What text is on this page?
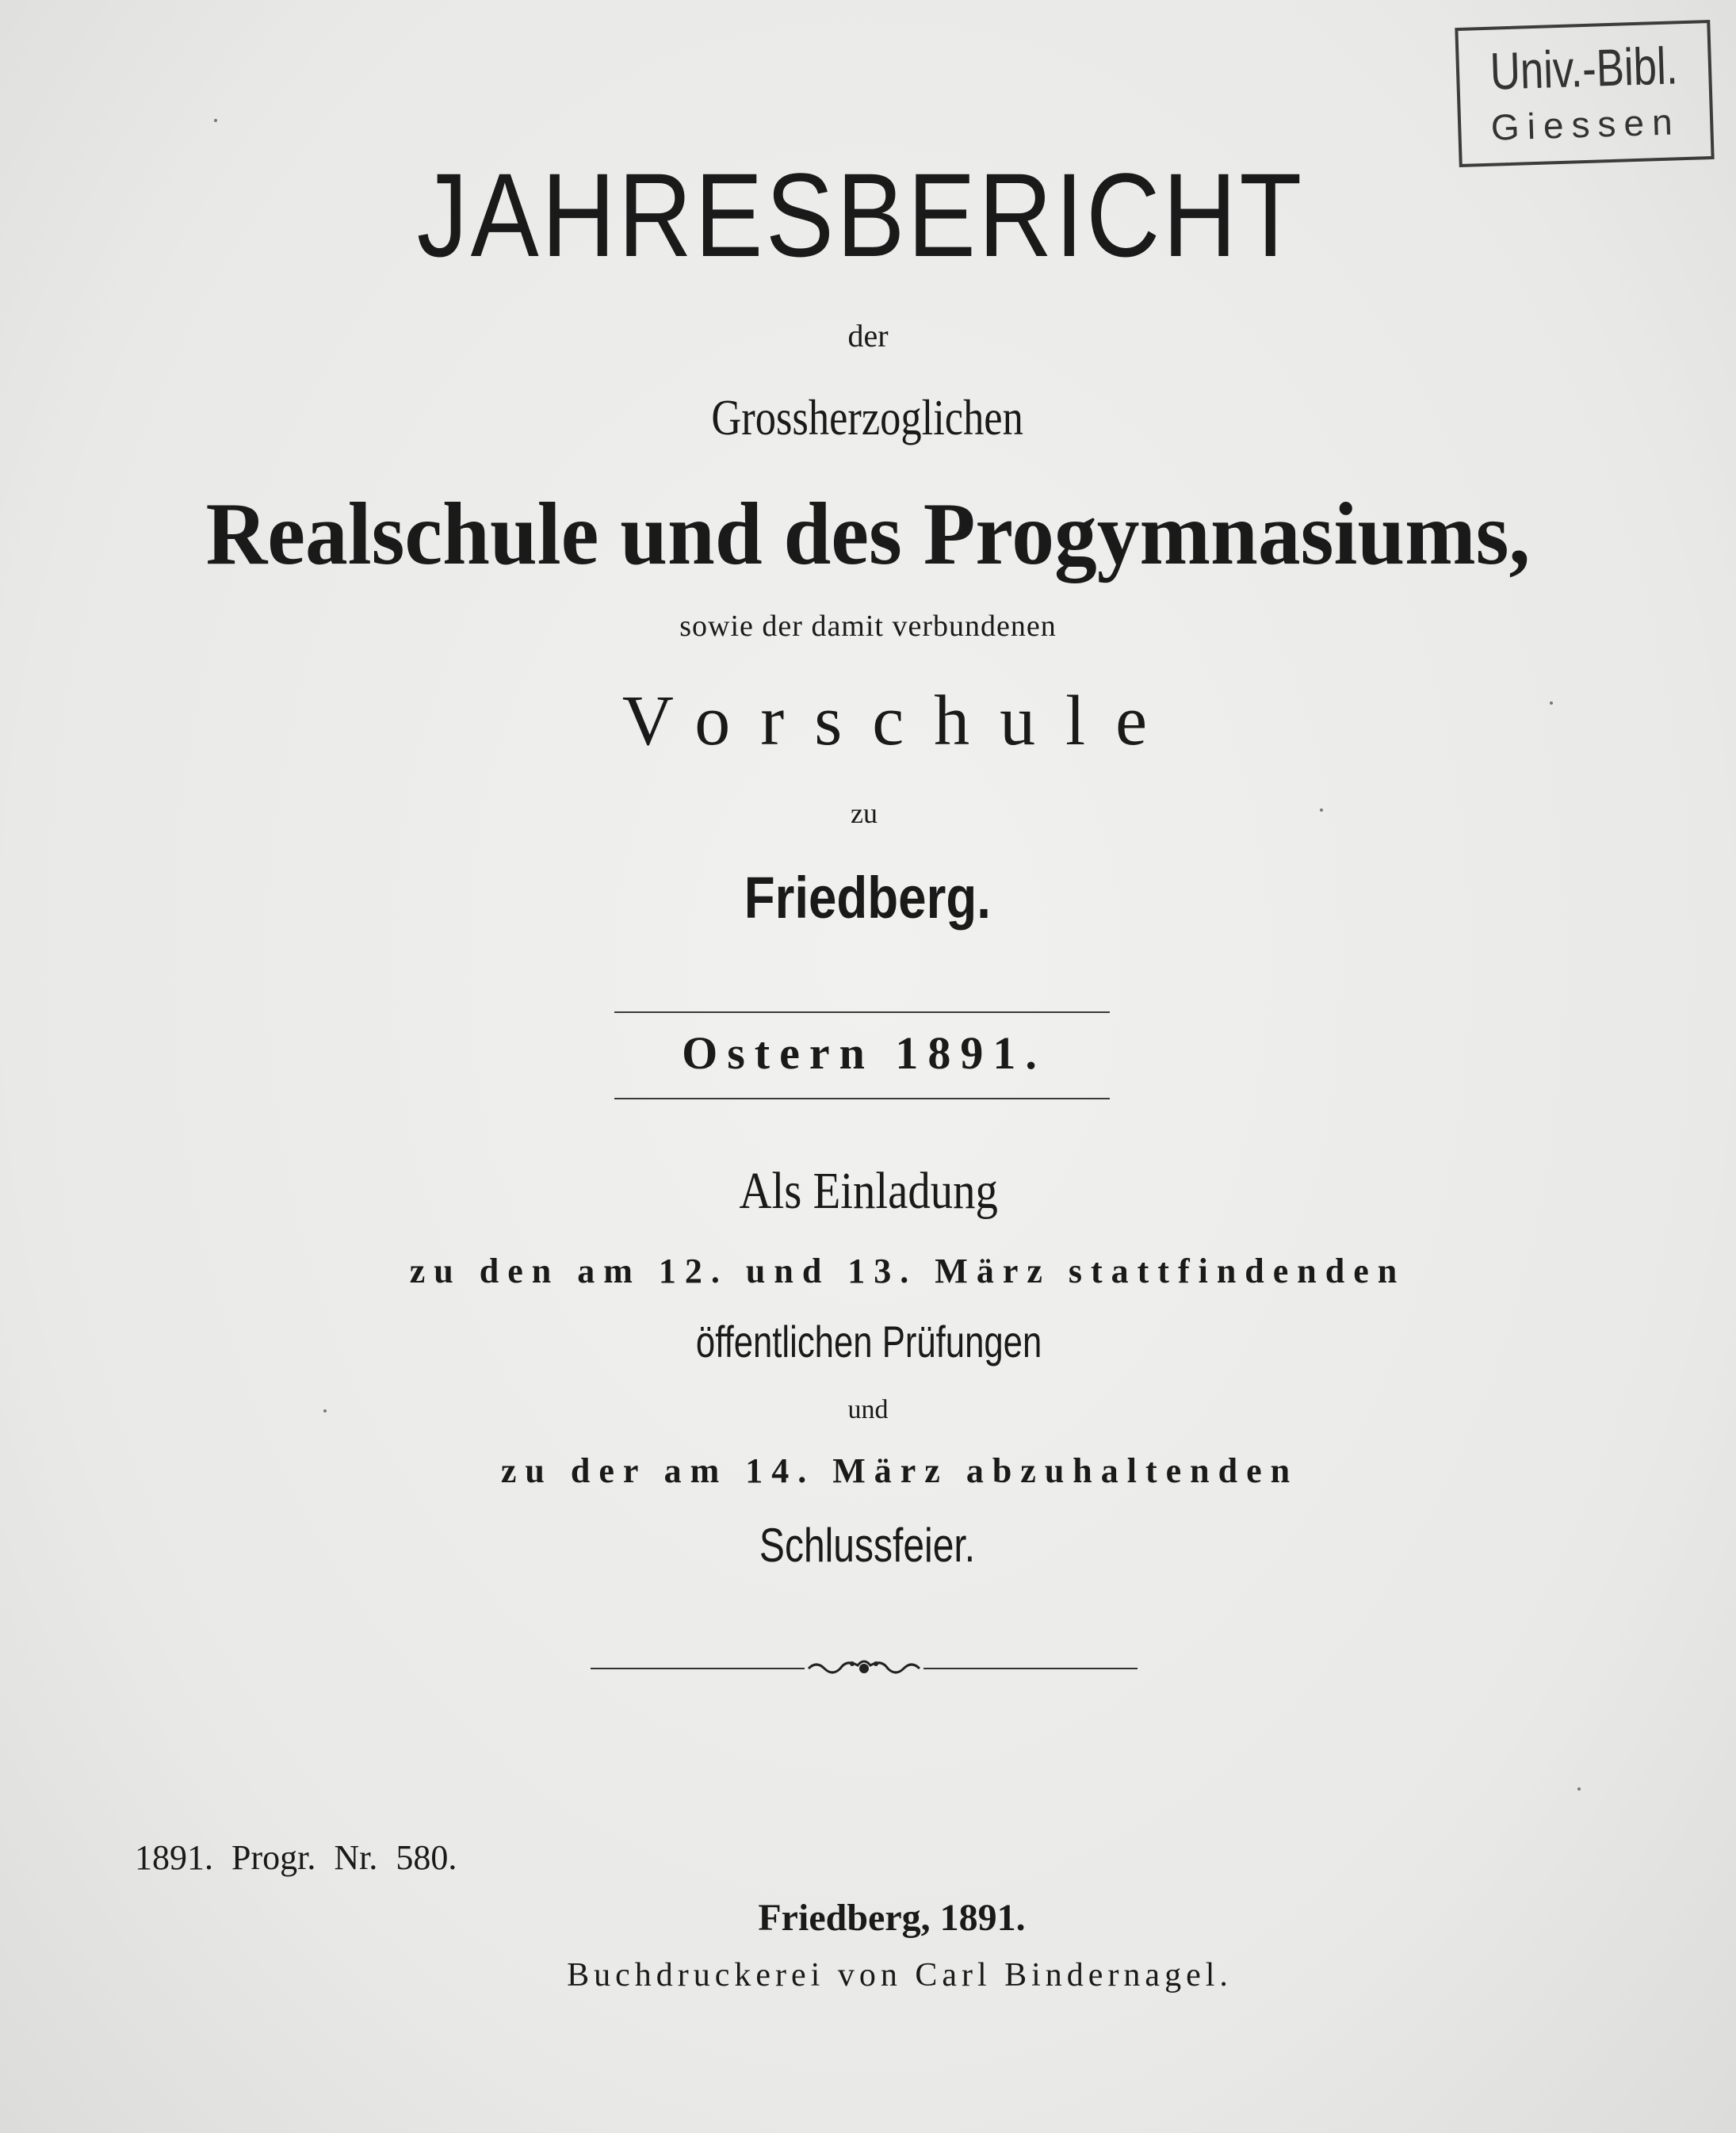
Univ.-Bibl.
Giessen
JAHRESBERICHT
der
Grossherzoglichen
Realschule und des Progymnasiums,
sowie der damit verbundenen
Vorschule
zu
Friedberg.
Ostern 1891.
Als Einladung
zu den am 12. und 13. März stattfindenden
öffentlichen Prüfungen
und
zu der am 14. März abzuhaltenden
Schlussfeier.
1891. Progr. Nr. 580.
Friedberg, 1891.
Buchdruckerei von Carl Bindernagel.
